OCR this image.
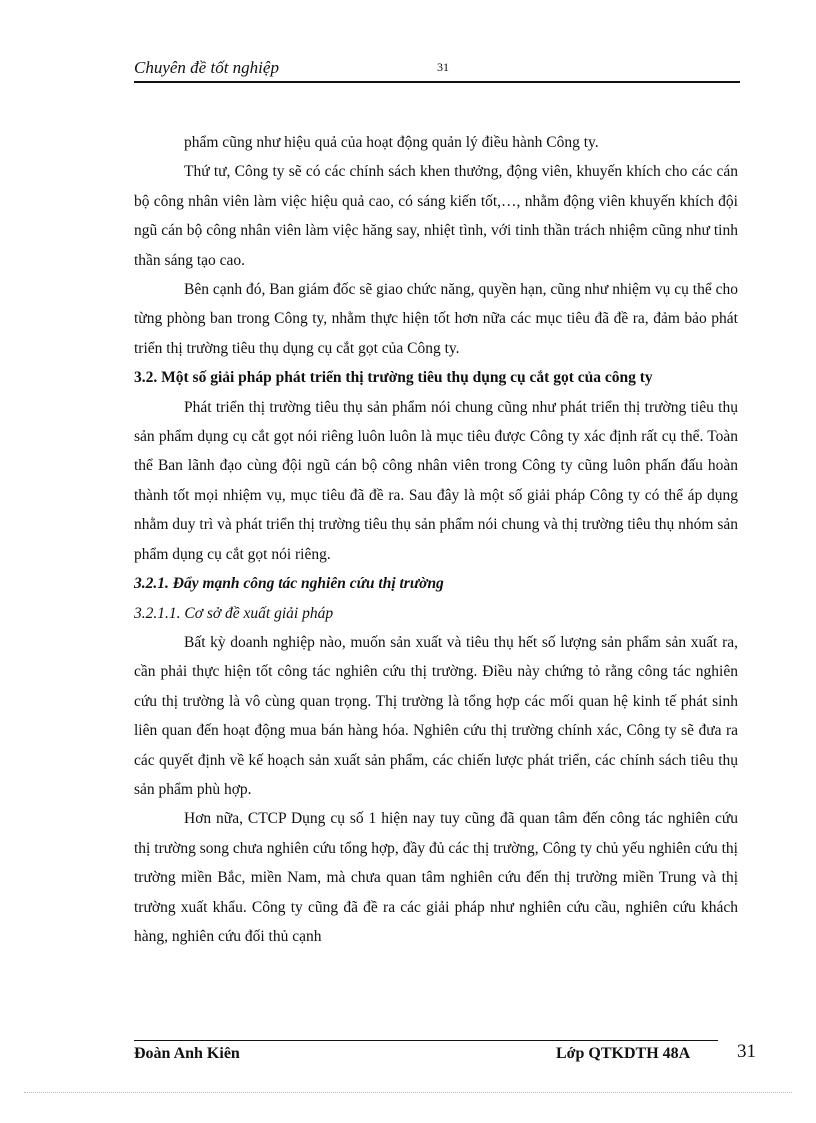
Chuyên đề tốt nghiệp	31

phẩm cũng như hiệu quả của hoạt động quản lý điều hành Công ty.

Thứ tư, Công ty sẽ có các chính sách khen thưởng, động viên, khuyến khích cho các cán bộ công nhân viên làm việc hiệu quả cao, có sáng kiến tốt,…, nhằm động viên khuyến khích đội ngũ cán bộ công nhân viên làm việc hăng say, nhiệt tình, với tinh thần trách nhiệm cũng như tinh thần sáng tạo cao.

Bên cạnh đó, Ban giám đốc sẽ giao chức năng, quyền hạn, cũng như nhiệm vụ cụ thể cho từng phòng ban trong Công ty, nhằm thực hiện tốt hơn nữa các mục tiêu đã đề ra, đảm bảo phát triển thị trường tiêu thụ dụng cụ cắt gọt của Công ty.

3.2. Một số giải pháp phát triển thị trường tiêu thụ dụng cụ cắt gọt của công ty

Phát triển thị trường tiêu thụ sản phẩm nói chung cũng như phát triển thị trường tiêu thụ sản phẩm dụng cụ cắt gọt nói riêng luôn luôn là mục tiêu được Công ty xác định rất cụ thể. Toàn thể Ban lãnh đạo cùng đội ngũ cán bộ công nhân viên trong Công ty cũng luôn phấn đấu hoàn thành tốt mọi nhiệm vụ, mục tiêu đã đề ra. Sau đây là một số giải pháp Công ty có thể áp dụng nhằm duy trì và phát triển thị trường tiêu thụ sản phẩm nói chung và thị trường tiêu thụ nhóm sản phẩm dụng cụ cắt gọt nói riêng.

3.2.1. Đẩy mạnh công tác nghiên cứu thị trường

3.2.1.1. Cơ sở đề xuất giải pháp

Bất kỳ doanh nghiệp nào, muốn sản xuất và tiêu thụ hết số lượng sản phẩm sản xuất ra, cần phải thực hiện tốt công tác nghiên cứu thị trường. Điều này chứng tỏ rằng công tác nghiên cứu thị trường là vô cùng quan trọng. Thị trường là tổng hợp các mối quan hệ kinh tế phát sinh liên quan đến hoạt động mua bán hàng hóa. Nghiên cứu thị trường chính xác, Công ty sẽ đưa ra các quyết định về kế hoạch sản xuất sản phẩm, các chiến lược phát triển, các chính sách tiêu thụ sản phẩm phù hợp.

Hơn nữa, CTCP Dụng cụ số 1 hiện nay tuy cũng đã quan tâm đến công tác nghiên cứu thị trường song chưa nghiên cứu tổng hợp, đầy đủ các thị trường, Công ty chủ yếu nghiên cứu thị trường miền Bắc, miền Nam, mà chưa quan tâm nghiên cứu đến thị trường miền Trung và thị trường xuất khẩu. Công ty cũng đã đề ra các giải pháp như nghiên cứu cầu, nghiên cứu khách hàng, nghiên cứu đối thủ cạnh

Đoàn Anh Kiên	Lớp QTKDTH 48A 31
